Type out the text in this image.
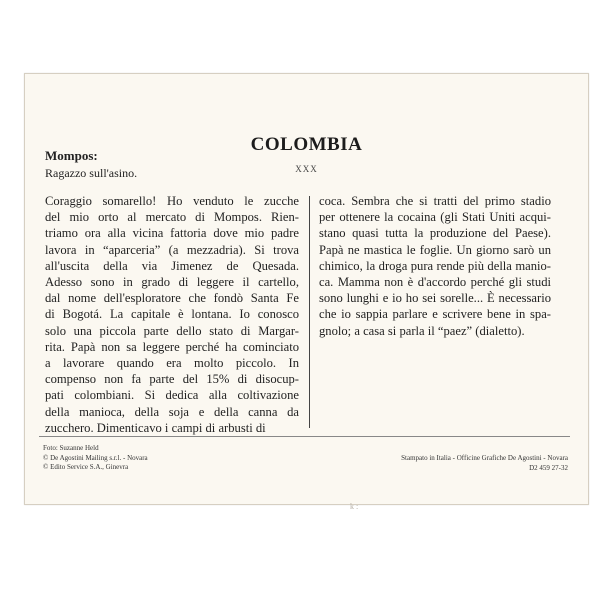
COLOMBIA
XXX
Mompos:
Ragazzo sull'asino.
Coraggio somarello! Ho venduto le zucche
del mio orto al mercato di Mompos. Rien-
triamo ora alla vicina fattoria dove mio padre
lavora in “aparceria” (a mezzadria). Si trova
all'uscita della via Jimenez de Quesada.
Adesso sono in grado di leggere il cartello,
dal nome dell'esploratore che fondò Santa Fe
di Bogotá. La capitale è lontana. Io conosco
solo una piccola parte dello stato di Margar-
rita. Papà non sa leggere perché ha cominciato
a lavorare quando era molto piccolo. In
compenso non fa parte del 15% di disocup-
pati colombiani. Si dedica alla coltivazione
della manioca, della soja e della canna da
zucchero. Dimenticavo i campi di arbusti di
coca. Sembra che si tratti del primo stadio
per ottenere la cocaina (gli Stati Uniti acqui-
stano quasi tutta la produzione del Paese).
Papà ne mastica le foglie. Un giorno sarò un
chimico, la droga pura rende più della manio-
ca. Mamma non è d'accordo perché gli studi
sono lunghi e io ho sei sorelle... È necessario
che io sappia parlare e scrivere bene in spa-
gnolo; a casa si parla il “paez” (dialetto).
Foto: Suzanne Held
© De Agostini Mailing s.r.l. - Novara
© Edito Service S.A., Ginevra
Stampato in Italia - Officine Grafiche De Agostini - Novara
D2 459 27-32
k :
